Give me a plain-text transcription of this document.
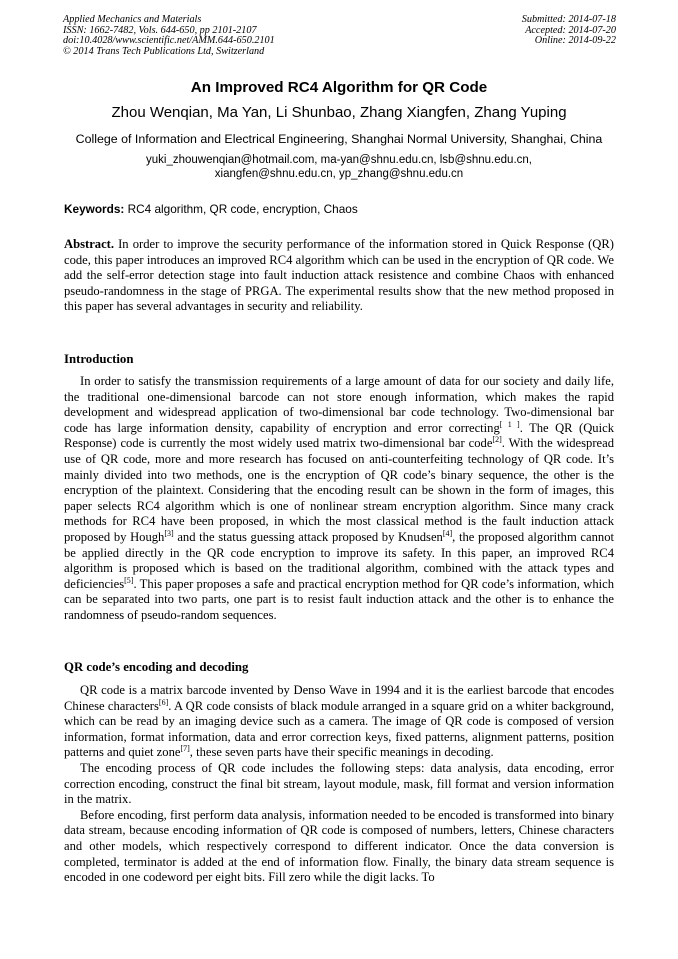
Applied Mechanics and Materials
ISSN: 1662-7482, Vols. 644-650, pp 2101-2107
doi:10.4028/www.scientific.net/AMM.644-650.2101
© 2014 Trans Tech Publications Ltd, Switzerland
Submitted: 2014-07-18
Accepted: 2014-07-20
Online: 2014-09-22
An Improved RC4 Algorithm for QR Code
Zhou Wenqian, Ma Yan, Li Shunbao, Zhang Xiangfen, Zhang Yuping
College of Information and Electrical Engineering, Shanghai Normal University, Shanghai, China
yuki_zhouwenqian@hotmail.com, ma-yan@shnu.edu.cn, lsb@shnu.edu.cn,
xiangfen@shnu.edu.cn, yp_zhang@shnu.edu.cn
Keywords: RC4 algorithm, QR code, encryption, Chaos

Abstract. In order to improve the security performance of the information stored in Quick Response (QR) code, this paper introduces an improved RC4 algorithm which can be used in the encryption of QR code. We add the self-error detection stage into fault induction attack resistence and combine Chaos with enhanced pseudo-randomness in the stage of PRGA. The experimental results show that the new method proposed in this paper has several advantages in security and reliability.

Introduction

In order to satisfy the transmission requirements of a large amount of data for our society and daily life, the traditional one-dimensional barcode can not store enough information, which makes the rapid development and widespread application of two-dimensional bar code technology. Two-dimensional bar code has large information density, capability of encryption and error correcting[ 1 ]. The QR (Quick Response) code is currently the most widely used matrix two-dimensional bar code[2]. With the widespread use of QR code, more and more research has focused on anti-counterfeiting technology of QR code. It’s mainly divided into two methods, one is the encryption of QR code’s binary sequence, the other is the encryption of the plaintext. Considering that the encoding result can be shown in the form of images, this paper selects RC4 algorithm which is one of nonlinear stream encryption algorithm. Since many crack methods for RC4 have been proposed, in which the most classical method is the fault induction attack proposed by Hough[3] and the status guessing attack proposed by Knudsen[4], the proposed algorithm cannot be applied directly in the QR code encryption to improve its safety. In this paper, an improved RC4 algorithm is proposed which is based on the traditional algorithm, combined with the attack types and deficiencies[5]. This paper proposes a safe and practical encryption method for QR code’s information, which can be separated into two parts, one part is to resist fault induction attack and the other is to enhance the randomness of pseudo-random sequences.

QR code’s encoding and decoding

QR code is a matrix barcode invented by Denso Wave in 1994 and it is the earliest barcode that encodes Chinese characters[6]. A QR code consists of black module arranged in a square grid on a whiter background, which can be read by an imaging device such as a camera. The image of QR code is composed of version information, format information, data and error correction keys, fixed patterns, alignment patterns, position patterns and quiet zone[7], these seven parts have their specific meanings in decoding.

The encoding process of QR code includes the following steps: data analysis, data encoding, error correction encoding, construct the final bit stream, layout module, mask, fill format and version information in the matrix.

Before encoding, first perform data analysis, information needed to be encoded is transformed into binary data stream, because encoding information of QR code is composed of numbers, letters, Chinese characters and other models, which respectively correspond to different indicator. Once the data conversion is completed, terminator is added at the end of information flow. Finally, the binary data stream sequence is encoded in one codeword per eight bits. Fill zero while the digit lacks. To
